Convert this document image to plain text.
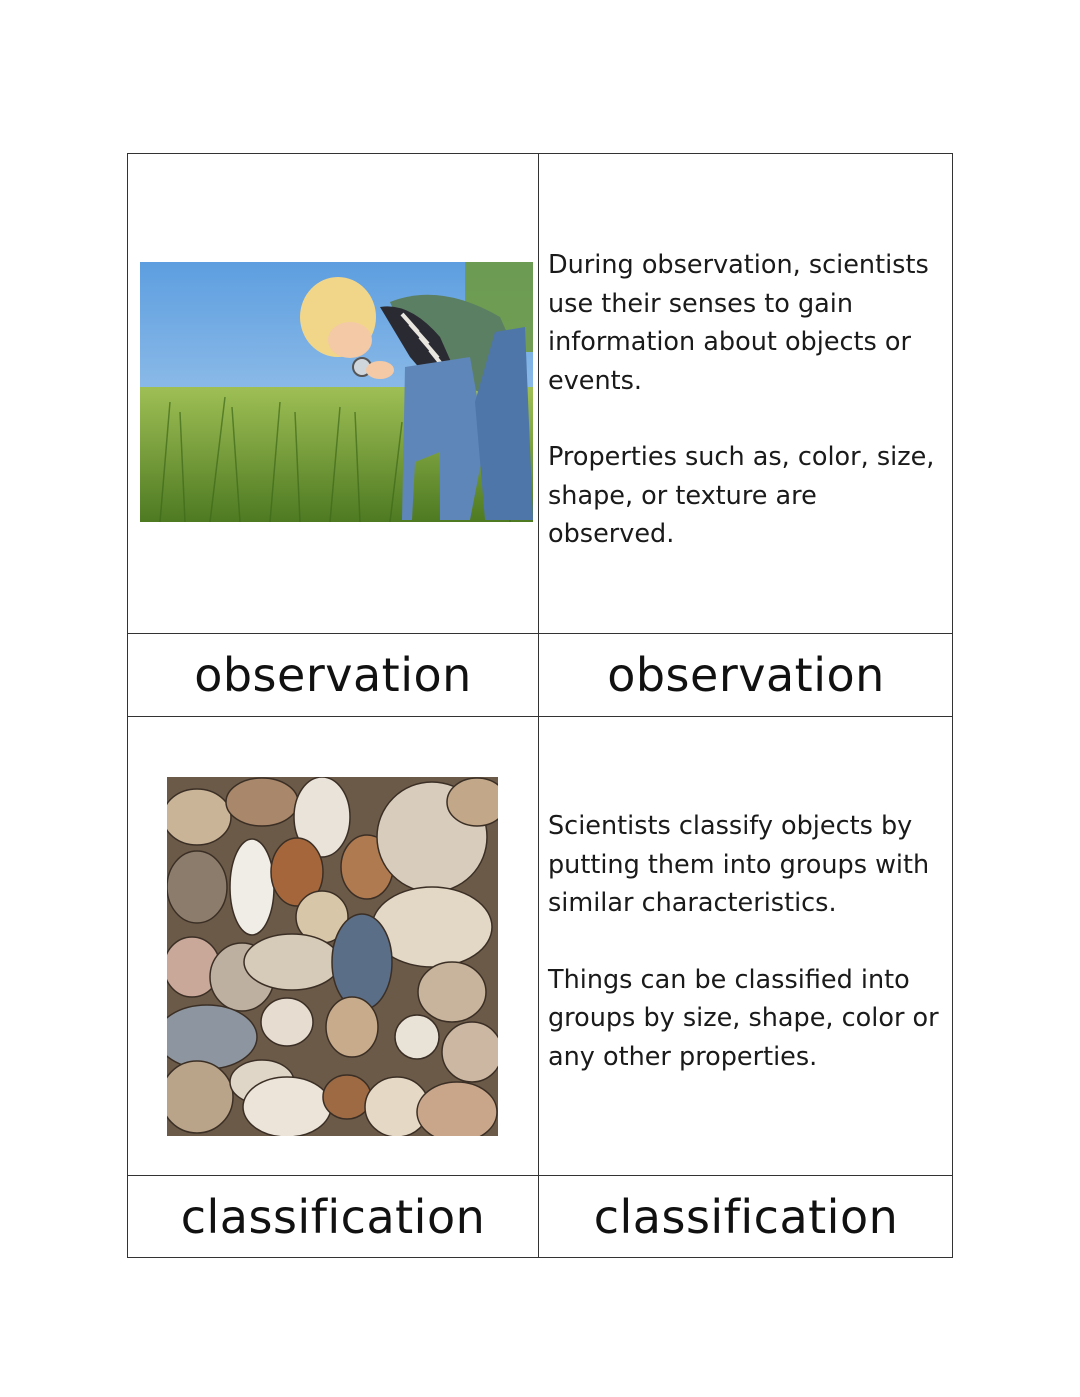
During observation, scientists use their senses to gain information about objects or events.

Properties such as, color, size, shape, or texture are observed.

observation	observation

Scientists classify objects by putting them into groups with similar characteristics.

Things can be classified into groups by size, shape, color or any other properties.

classification	classification
